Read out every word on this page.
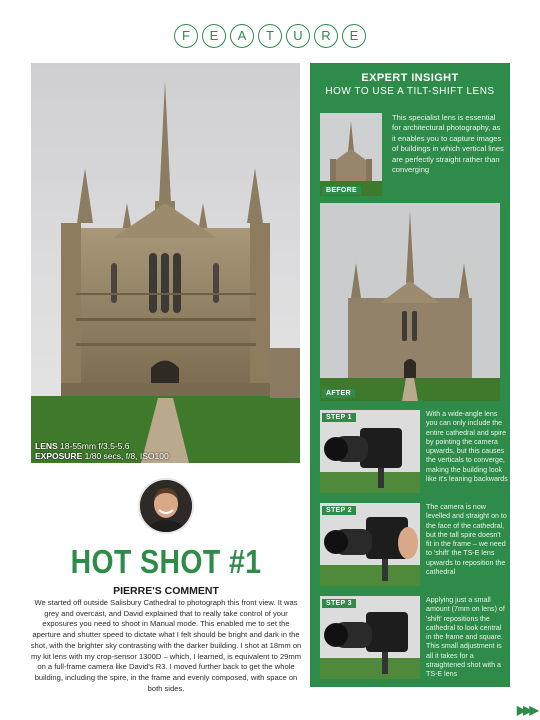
F	E	A	T	U	R	E
LENS 18-55mm f/3.5-5.6
EXPOSURE 1/80 secs, f/8, ISO100
HOT SHOT #1
PIERRE'S COMMENT
We started off outside Salisbury Cathedral to photograph this front view. It was grey and overcast, and David explained that to really take control of your exposures you need to shoot in Manual mode. This enabled me to set the aperture and shutter speed to dictate what I felt should be bright and dark in the shot, with the brighter sky contrasting with the darker building. I shot at 18mm on my kit lens with my crop-sensor 1300D – which, I learned, is equivalent to 29mm on a full-frame camera like David's R3. I moved further back to get the whole building, including the spire, in the frame and evenly composed, with space on both sides.
EXPERT INSIGHT
HOW TO USE A TILT-SHIFT LENS
BEFORE
This specialist lens is essential for architectural photography, as it enables you to capture images of buildings in which vertical lines are perfectly straight rather than converging
AFTER
STEP 1	With a wide-angle lens you can only include the entire cathedral and spire by pointing the camera upwards, but this causes the verticals to converge, making the building look like it's leaning backwards
STEP 2	The camera is now levelled and straight on to the face of the cathedral, but the tall spire doesn't fit in the frame – we need to 'shift' the TS-E lens upwards to reposition the cathedral
STEP 3	Applying just a small amount (7mm on lens) of 'shift' repositions the cathedral to look central in the frame and square. This small adjustment is all it takes for a straightened shot with a TS-E lens
▶▶▶
